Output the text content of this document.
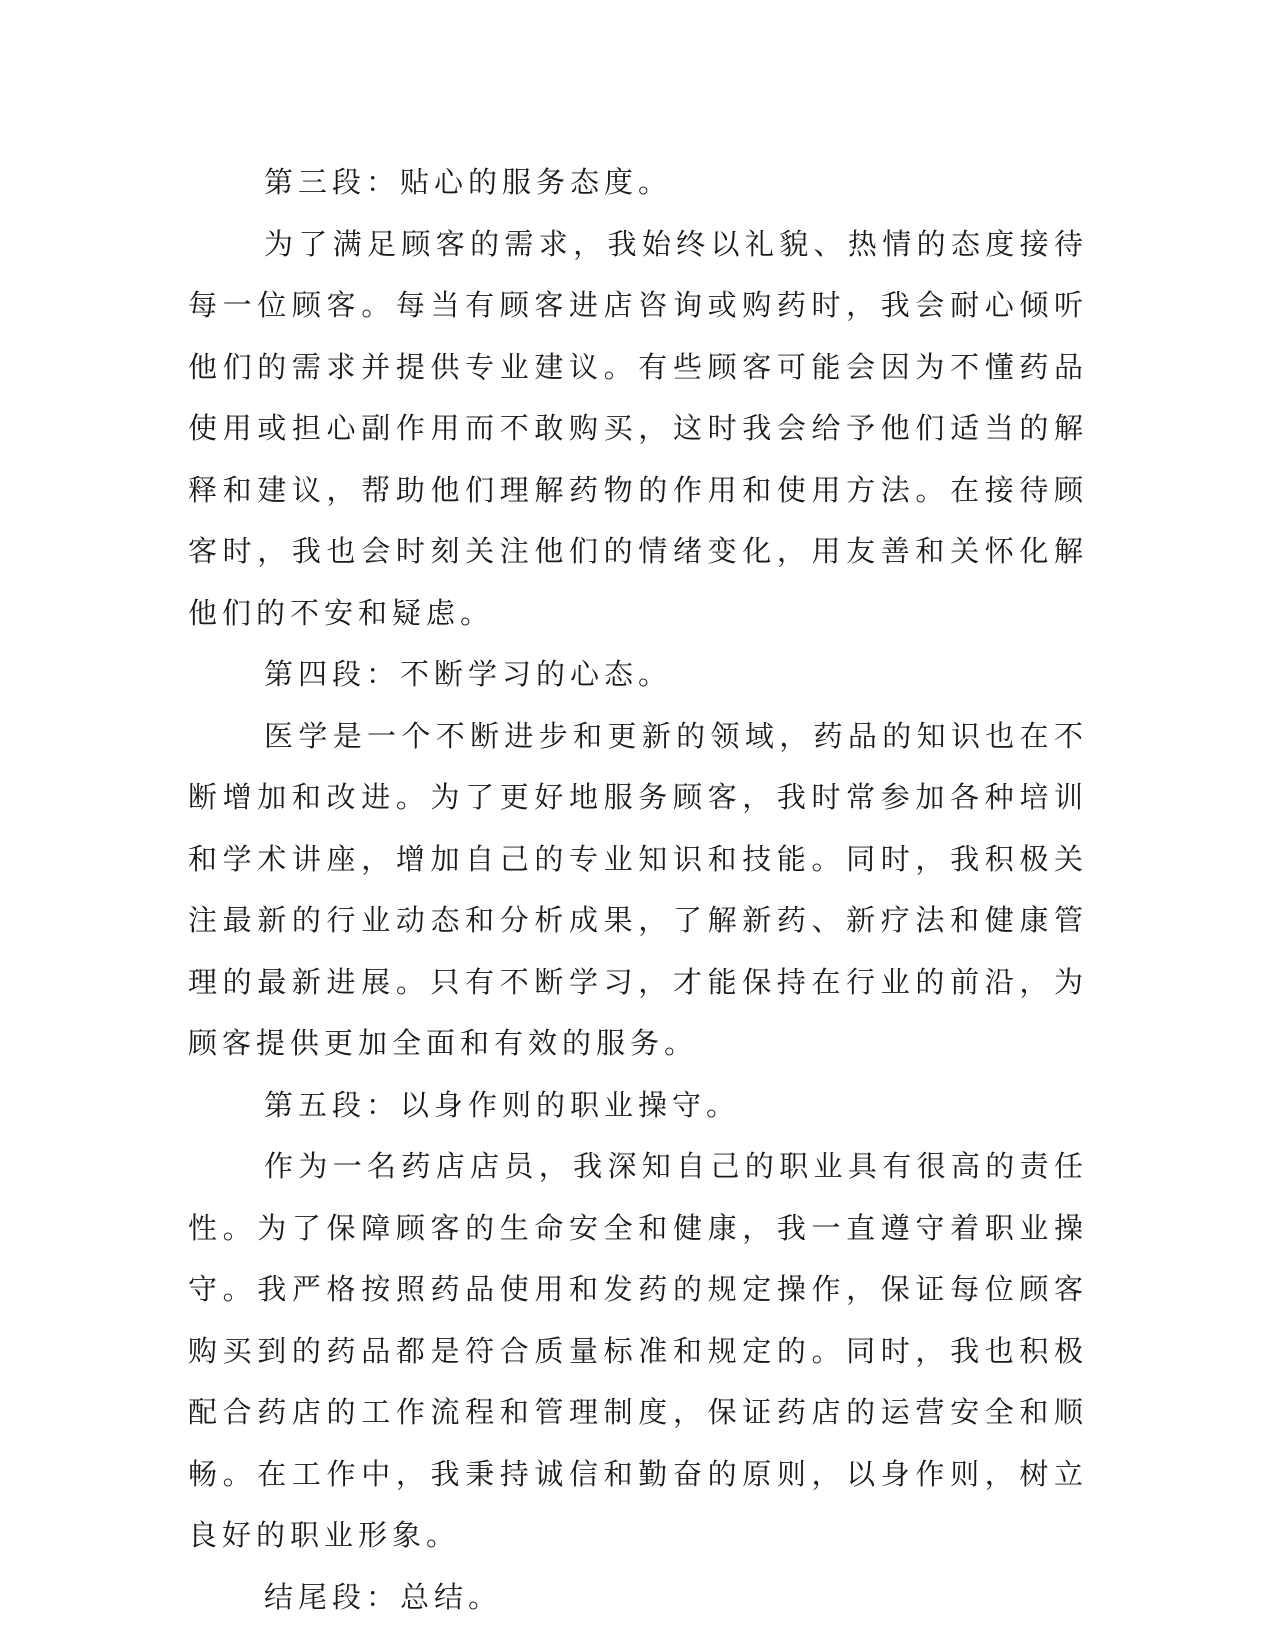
第三段：贴心的服务态度。

为了满足顾客的需求，我始终以礼貌、热情的态度接待每一位顾客。每当有顾客进店咨询或购药时，我会耐心倾听他们的需求并提供专业建议。有些顾客可能会因为不懂药品使用或担心副作用而不敢购买，这时我会给予他们适当的解释和建议，帮助他们理解药物的作用和使用方法。在接待顾客时，我也会时刻关注他们的情绪变化，用友善和关怀化解他们的不安和疑虑。

第四段：不断学习的心态。

医学是一个不断进步和更新的领域，药品的知识也在不断增加和改进。为了更好地服务顾客，我时常参加各种培训和学术讲座，增加自己的专业知识和技能。同时，我积极关注最新的行业动态和分析成果，了解新药、新疗法和健康管理的最新进展。只有不断学习，才能保持在行业的前沿，为顾客提供更加全面和有效的服务。

第五段：以身作则的职业操守。

作为一名药店店员，我深知自己的职业具有很高的责任性。为了保障顾客的生命安全和健康，我一直遵守着职业操守。我严格按照药品使用和发药的规定操作，保证每位顾客购买到的药品都是符合质量标准和规定的。同时，我也积极配合药店的工作流程和管理制度，保证药店的运营安全和顺畅。在工作中，我秉持诚信和勤奋的原则，以身作则，树立良好的职业形象。

结尾段：总结。
